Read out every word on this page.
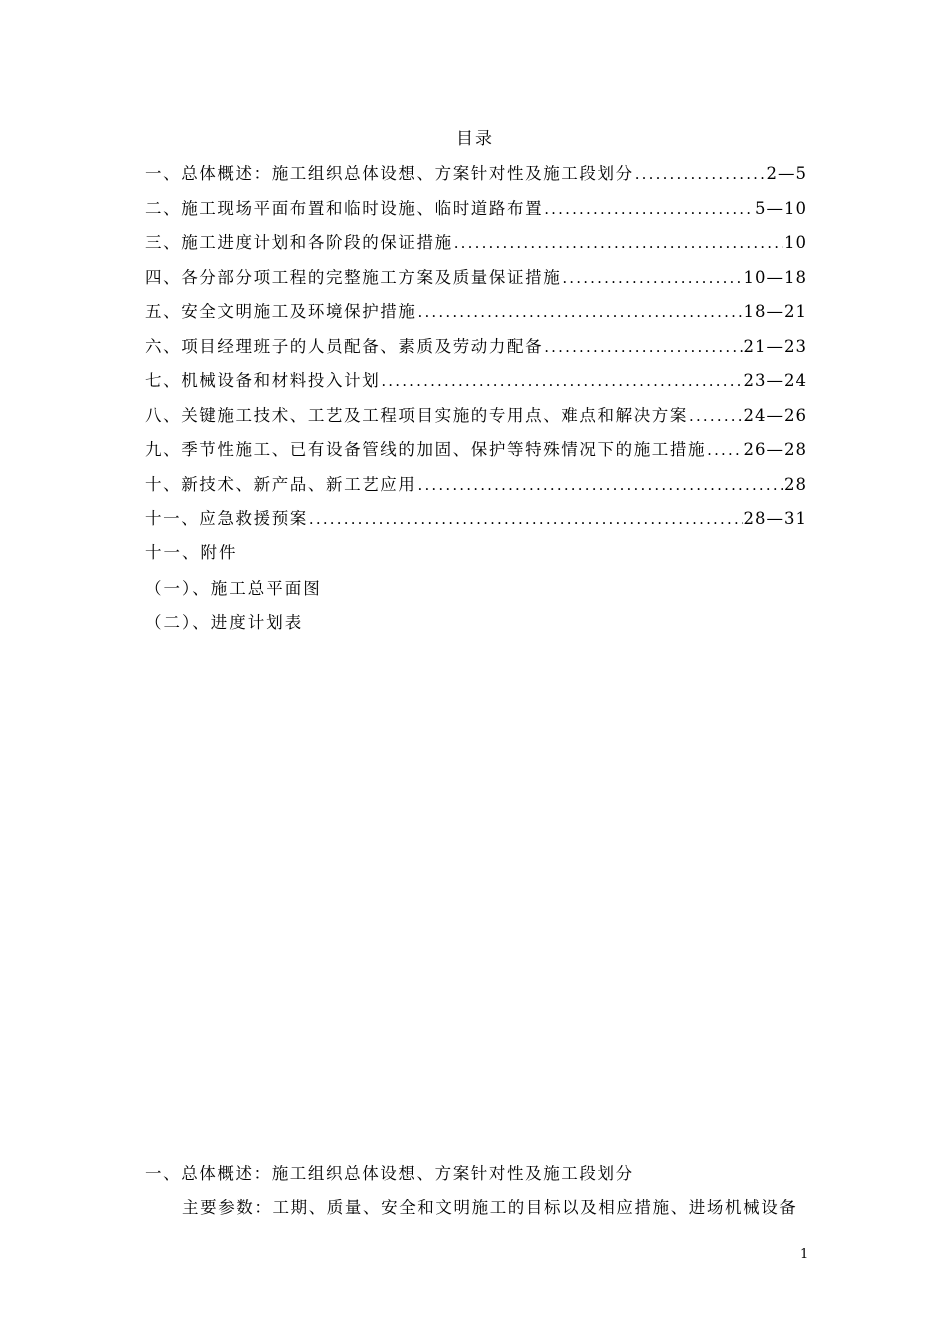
目录
一、总体概述：施工组织总体设想、方案针对性及施工段划分 .....	2—5
二、施工现场平面布置和临时设施、临时道路布置 .....	5—10
三、施工进度计划和各阶段的保证措施 .....	10
四、各分部分项工程的完整施工方案及质量保证措施 .....	10—18
五、安全文明施工及环境保护措施 .....	18—21
六、项目经理班子的人员配备、素质及劳动力配备 .....	21—23
七、机械设备和材料投入计划 .....	23—24
八、关键施工技术、工艺及工程项目实施的专用点、难点和解决方案 .....	24—26
九、季节性施工、已有设备管线的加固、保护等特殊情况下的施工措施 ..... 26—28
十、新技术、新产品、新工艺应用 .....	28
十一、应急救援预案 .....	28—31
十一、附件
（一）、施工总平面图
（二）、进度计划表
一、总体概述：施工组织总体设想、方案针对性及施工段划分
主要参数：工期、质量、安全和文明施工的目标以及相应措施、进场机械设备
1
